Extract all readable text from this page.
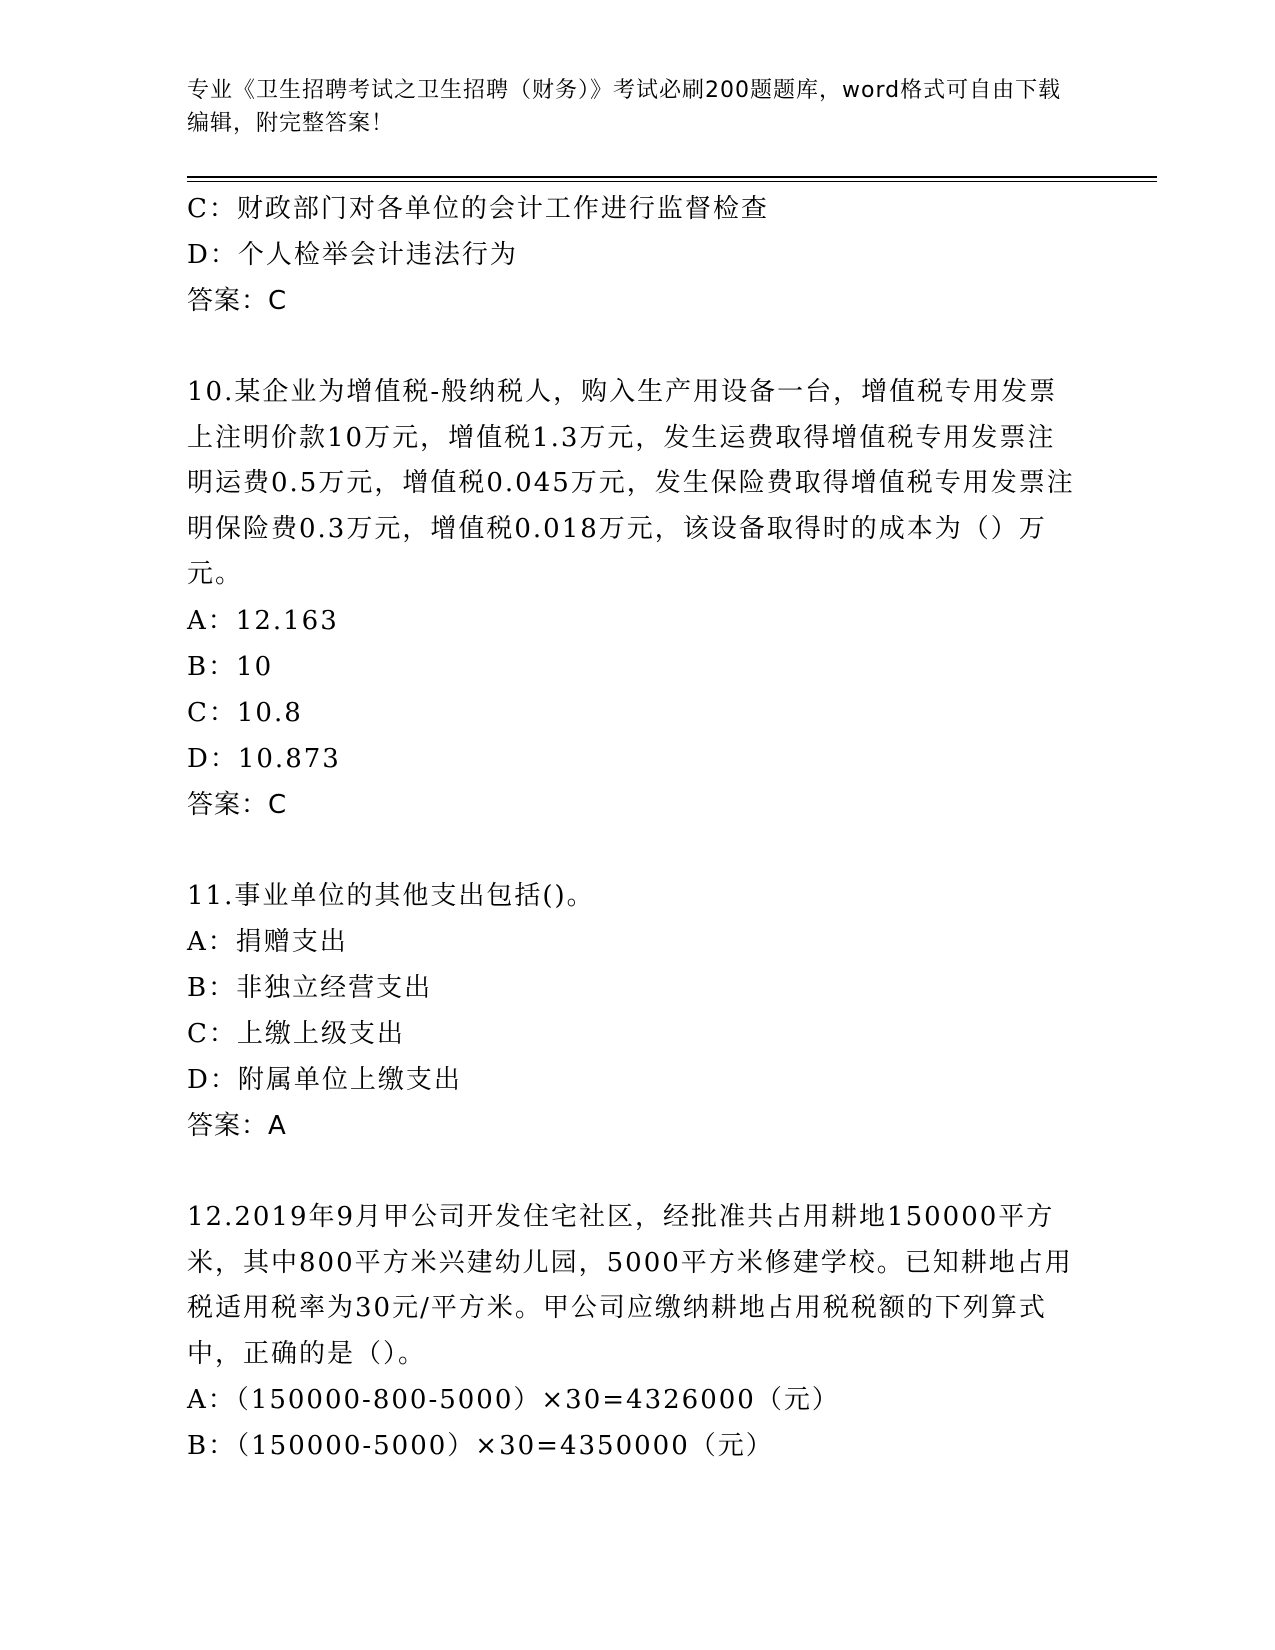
专业《卫生招聘考试之卫生招聘（财务）》考试必刷200题题库，word格式可自由下载编辑，附完整答案！
C：财政部门对各单位的会计工作进行监督检查
D：个人检举会计违法行为
答案：C

10.某企业为增值税-般纳税人，购入生产用设备一台，增值税专用发票上注明价款10万元，增值税1.3万元，发生运费取得增值税专用发票注明运费0.5万元，增值税0.045万元，发生保险费取得增值税专用发票注明保险费0.3万元，增值税0.018万元，该设备取得时的成本为（）万元。

A：12.163
B：10
C：10.8
D：10.873
答案：C

11.事业单位的其他支出包括()。

A：捐赠支出
B：非独立经营支出
C：上缴上级支出
D：附属单位上缴支出
答案：A

12.2019年9月甲公司开发住宅社区，经批准共占用耕地150000平方米，其中800平方米兴建幼儿园，5000平方米修建学校。已知耕地占用税适用税率为30元/平方米。甲公司应缴纳耕地占用税税额的下列算式中，正确的是（）。

A：（150000-800-5000）×30=4326000（元）
B：（150000-5000）×30=4350000（元）
